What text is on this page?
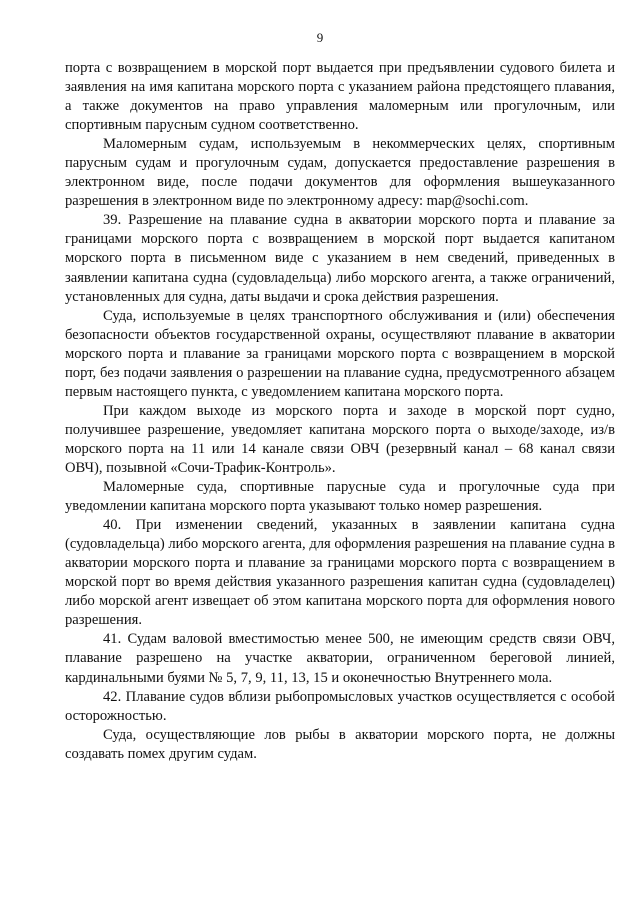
9

порта с возвращением в морской порт выдается при предъявлении судового билета и заявления на имя капитана морского порта с указанием района предстоящего плавания, а также документов на право управления маломерным или прогулочным, или спортивным парусным судном соответственно.

Маломерным судам, используемым в некоммерческих целях, спортивным парусным судам и прогулочным судам, допускается предоставление разрешения в электронном виде, после подачи документов для оформления вышеуказанного разрешения в электронном виде по электронному адресу: map@sochi.com.

39. Разрешение на плавание судна в акватории морского порта и плавание за границами морского порта с возвращением в морской порт выдается капитаном морского порта в письменном виде с указанием в нем сведений, приведенных в заявлении капитана судна (судовладельца) либо морского агента, а также ограничений, установленных для судна, даты выдачи и срока действия разрешения.

Суда, используемые в целях транспортного обслуживания и (или) обеспечения безопасности объектов государственной охраны, осуществляют плавание в акватории морского порта и плавание за границами морского порта с возвращением в морской порт, без подачи заявления о разрешении на плавание судна, предусмотренного абзацем первым настоящего пункта, с уведомлением капитана морского порта.

При каждом выходе из морского порта и заходе в морской порт судно, получившее разрешение, уведомляет капитана морского порта о выходе/заходе, из/в морского порта на 11 или 14 канале связи ОВЧ (резервный канал – 68 канал связи ОВЧ), позывной «Сочи-Трафик-Контроль».

Маломерные суда, спортивные парусные суда и прогулочные суда при уведомлении капитана морского порта указывают только номер разрешения.

40. При изменении сведений, указанных в заявлении капитана судна (судовладельца) либо морского агента, для оформления разрешения на плавание судна в акватории морского порта и плавание за границами морского порта с возвращением в морской порт во время действия указанного разрешения капитан судна (судовладелец) либо морской агент извещает об этом капитана морского порта для оформления нового разрешения.

41. Судам валовой вместимостью менее 500, не имеющим средств связи ОВЧ, плавание разрешено на участке акватории, ограниченном береговой линией, кардинальными буями № 5, 7, 9, 11, 13, 15 и оконечностью Внутреннего мола.

42. Плавание судов вблизи рыбопромысловых участков осуществляется с особой осторожностью.

Суда, осуществляющие лов рыбы в акватории морского порта, не должны создавать помех другим судам.
